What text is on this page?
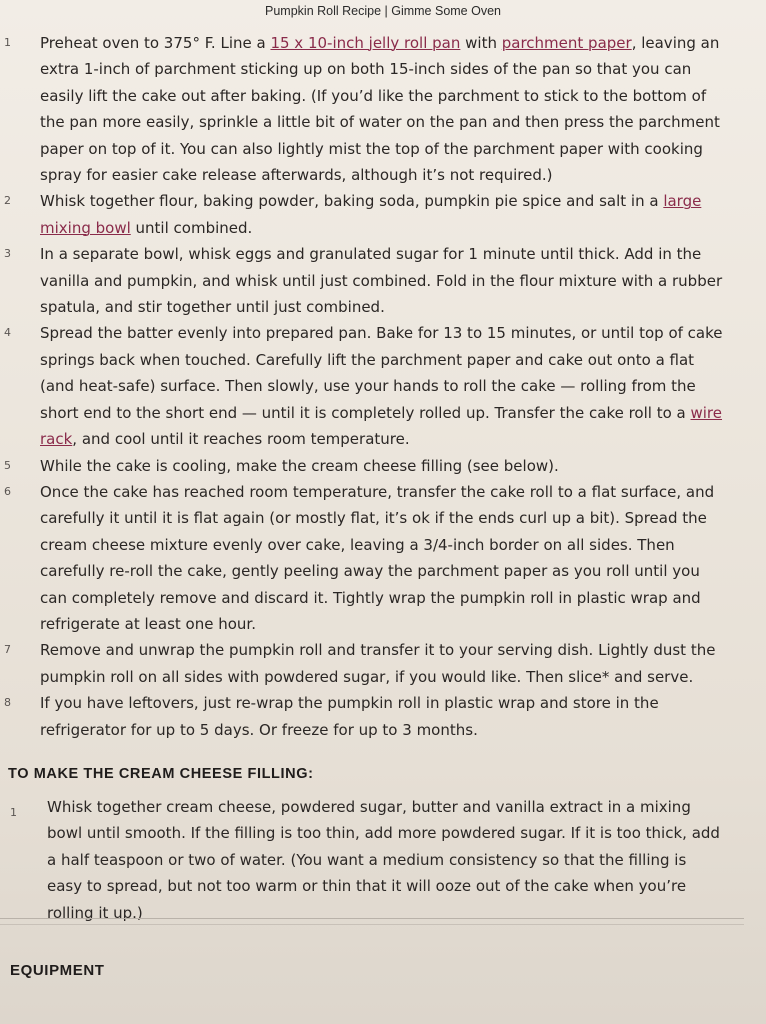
Pumpkin Roll Recipe | Gimme Some Oven
1 Preheat oven to 375° F. Line a 15 x 10-inch jelly roll pan with parchment paper, leaving an extra 1-inch of parchment sticking up on both 15-inch sides of the pan so that you can easily lift the cake out after baking. (If you’d like the parchment to stick to the bottom of the pan more easily, sprinkle a little bit of water on the pan and then press the parchment paper on top of it. You can also lightly mist the top of the parchment paper with cooking spray for easier cake release afterwards, although it’s not required.)
2 Whisk together flour, baking powder, baking soda, pumpkin pie spice and salt in a large mixing bowl until combined.
3 In a separate bowl, whisk eggs and granulated sugar for 1 minute until thick. Add in the vanilla and pumpkin, and whisk until just combined. Fold in the flour mixture with a rubber spatula, and stir together until just combined.
4 Spread the batter evenly into prepared pan. Bake for 13 to 15 minutes, or until top of cake springs back when touched. Carefully lift the parchment paper and cake out onto a flat (and heat-safe) surface. Then slowly, use your hands to roll the cake — rolling from the short end to the short end — until it is completely rolled up. Transfer the cake roll to a wire rack, and cool until it reaches room temperature.
5 While the cake is cooling, make the cream cheese filling (see below).
6 Once the cake has reached room temperature, transfer the cake roll to a flat surface, and carefully it until it is flat again (or mostly flat, it’s ok if the ends curl up a bit). Spread the cream cheese mixture evenly over cake, leaving a 3/4-inch border on all sides. Then carefully re-roll the cake, gently peeling away the parchment paper as you roll until you can completely remove and discard it. Tightly wrap the pumpkin roll in plastic wrap and refrigerate at least one hour.
7 Remove and unwrap the pumpkin roll and transfer it to your serving dish. Lightly dust the pumpkin roll on all sides with powdered sugar, if you would like. Then slice* and serve.
8 If you have leftovers, just re-wrap the pumpkin roll in plastic wrap and store in the refrigerator for up to 5 days. Or freeze for up to 3 months.
TO MAKE THE CREAM CHEESE FILLING:
1 Whisk together cream cheese, powdered sugar, butter and vanilla extract in a mixing bowl until smooth. If the filling is too thin, add more powdered sugar. If it is too thick, add a half teaspoon or two of water. (You want a medium consistency so that the filling is easy to spread, but not too warm or thin that it will ooze out of the cake when you’re rolling it up.)
EQUIPMENT
